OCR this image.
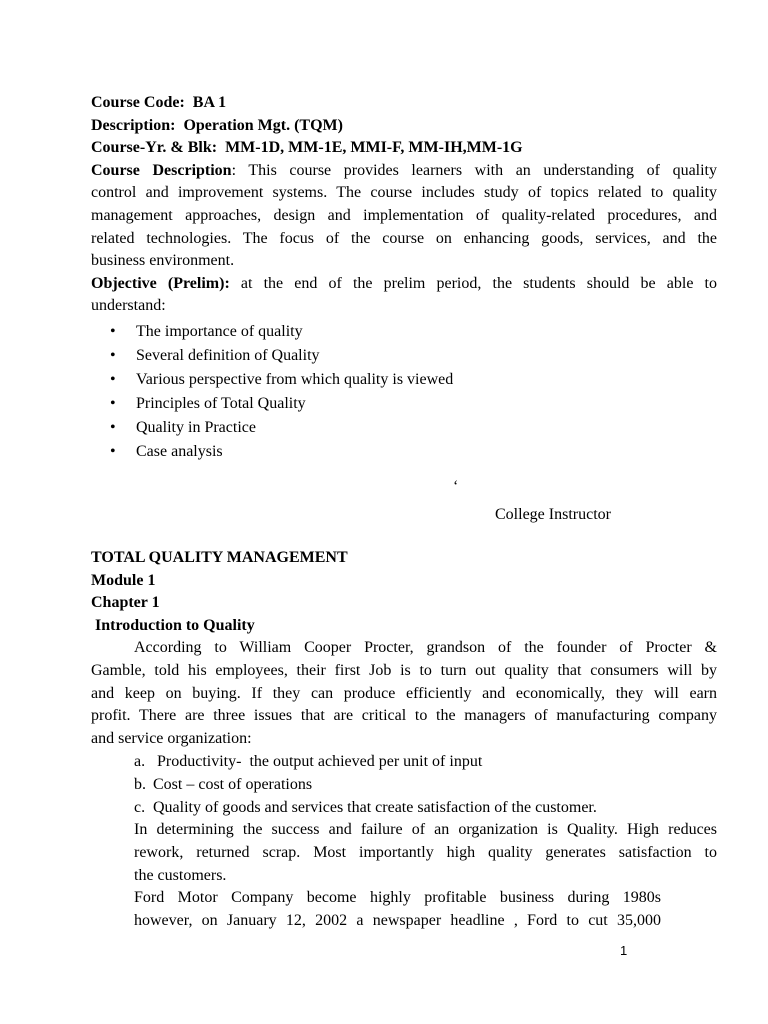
Course Code: BA 1

Description: Operation Mgt. (TQM)

Course-Yr. & Blk: MM-1D, MM-1E, MMI-F, MM-IH,MM-1G

Course Description: This course provides learners with an understanding of quality

control and improvement systems. The course includes study of topics related to quality

management approaches, design and implementation of quality-related procedures, and

related technologies. The focus of the course on enhancing goods, services, and the

business environment.

Objective (Prelim): at the end of the prelim period, the students should be able to

understand:

• The importance of quality
• Several definition of Quality
• Various perspective from which quality is viewed
• Principles of Total Quality
• Quality in Practice
• Case analysis
‘
College Instructor

TOTAL QUALITY MANAGEMENT

Module 1

Chapter 1

Introduction to Quality

According to William Cooper Procter, grandson of the founder of Procter &

Gamble, told his employees, their first Job is to turn out quality that consumers will by

and keep on buying. If they can produce efficiently and economically, they will earn

profit. There are three issues that are critical to the managers of manufacturing company

and service organization:

a. Productivity-  the output achieved per unit of input
b. Cost – cost of operations
c. Quality of goods and services that create satisfaction of the customer.

In determining the success and failure of an organization is Quality. High reduces

rework, returned scrap. Most importantly high quality generates satisfaction to

the customers.

Ford Motor Company become highly profitable business during 1980s

however, on January 12, 2002 a newspaper headline , Ford to cut 35,000

1
